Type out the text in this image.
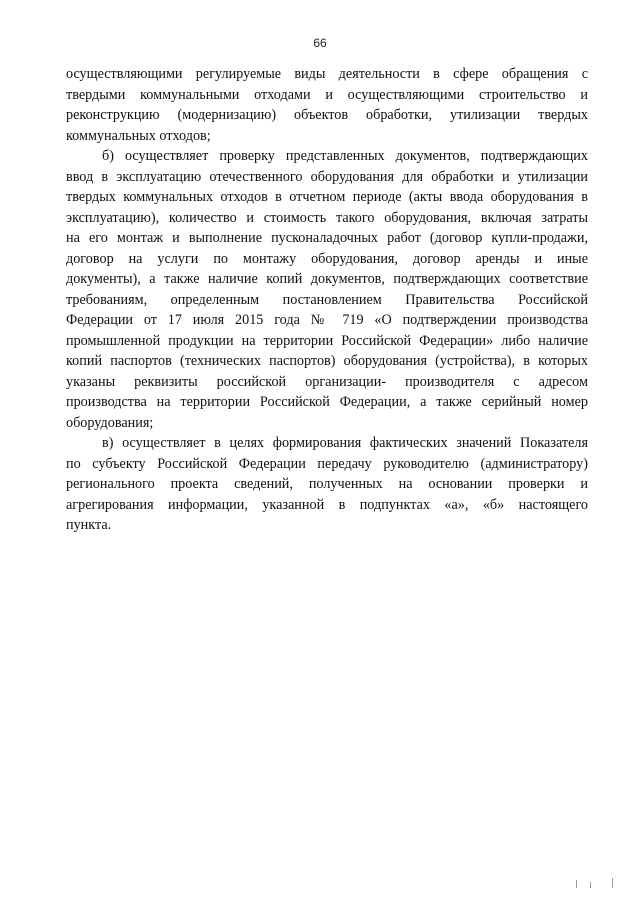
66
осуществляющими регулируемые виды деятельности в сфере обращения с
твердыми коммунальными отходами и осуществляющими строительство и
реконструкцию (модернизацию) объектов обработки, утилизации твердых
коммунальных отходов;
б) осуществляет проверку представленных документов, подтверждающих
ввод в эксплуатацию отечественного оборудования для обработки и утилизации
твердых коммунальных отходов в отчетном периоде (акты ввода оборудования в
эксплуатацию), количество и стоимость такого оборудования, включая затраты
на его монтаж и выполнение пусконаладочных работ (договор купли-продажи,
договор на услуги по монтажу оборудования, договор аренды и иные
документы), а также наличие копий документов, подтверждающих соответствие
требованиям, определенным постановлением Правительства Российской
Федерации от 17 июля 2015 года № 719 «О подтверждении производства
промышленной продукции на территории Российской Федерации» либо наличие
копий паспортов (технических паспортов) оборудования (устройства), в которых
указаны реквизиты российской организации- производителя с адресом
производства на территории Российской Федерации, а также серийный номер
оборудования;
в) осуществляет в целях формирования фактических значений Показателя
по субъекту Российской Федерации передачу руководителю (администратору)
регионального проекта сведений, полученных на основании проверки и
агрегирования информации, указанной в подпунктах «а», «б» настоящего
пункта.
